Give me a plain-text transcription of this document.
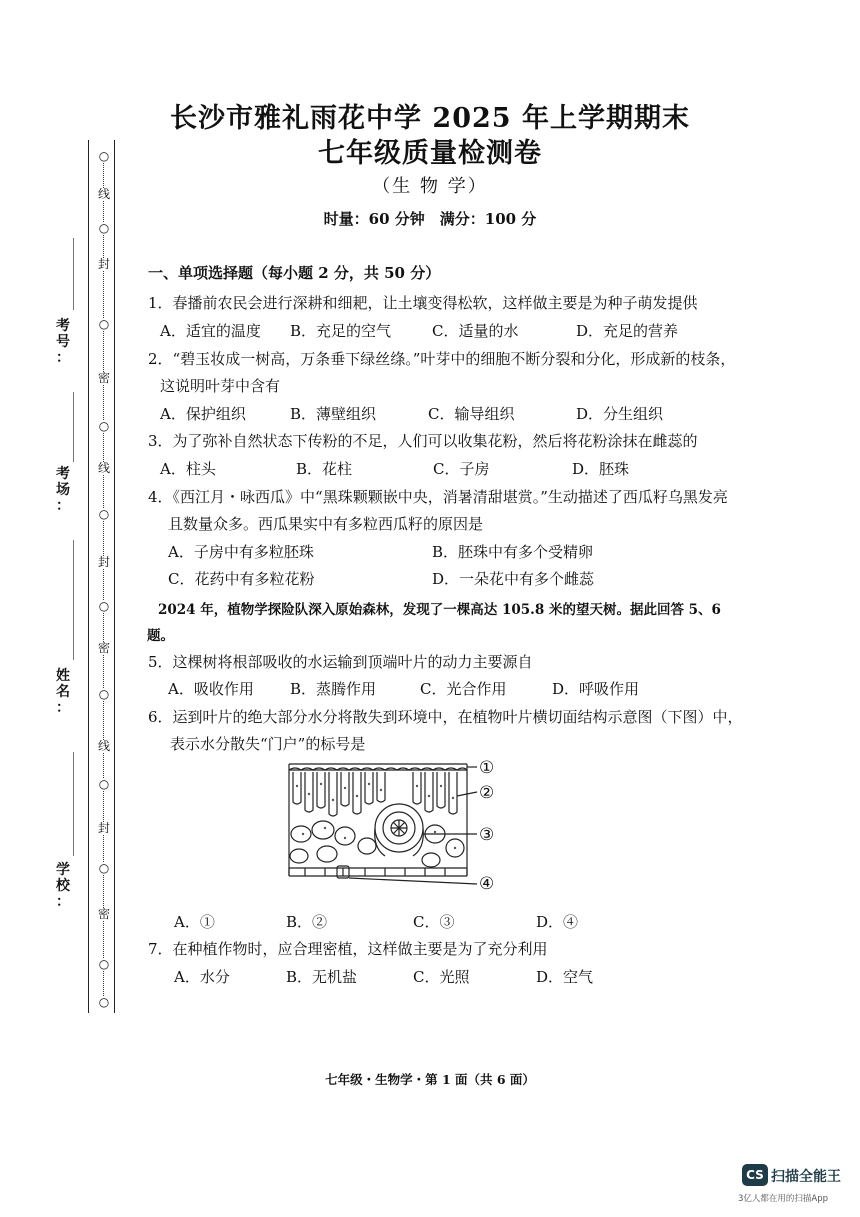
考
号
：
考
场
：
姓
名
：
学
校
：
线
封
密
线
封
密
线
封
密
○
○
○
○
○
○
○
○
○
○
○
长沙市雅礼雨花中学 2025 年上学期期末
七年级质量检测卷
（生 物 学）
时量：60 分钟　满分：100 分
一、单项选择题（每小题 2 分，共 50 分）
1．春播前农民会进行深耕和细耙，让土壤变得松软，这样做主要是为种子萌发提供
A．适宜的温度 B．充足的空气	C．适量的水	D．充足的营养
2．“碧玉妆成一树高，万条垂下绿丝绦。”叶芽中的细胞不断分裂和分化，形成新的枝条，
这说明叶芽中含有
A．保护组织	B．薄壁组织	C．输导组织	D．分生组织
3．为了弥补自然状态下传粉的不足，人们可以收集花粉，然后将花粉涂抹在雌蕊的
A．柱头	B．花柱	C．子房	D．胚珠
4．《西江月・咏西瓜》中“黑珠颗颗嵌中央，消暑清甜堪赏。”生动描述了西瓜籽乌黑发亮
且数量众多。西瓜果实中有多粒西瓜籽的原因是
A．子房中有多粒胚珠	B．胚珠中有多个受精卵
C．花药中有多粒花粉	D．一朵花中有多个雌蕊
2024 年，植物学探险队深入原始森林，发现了一棵高达 105.8 米的望天树。据此回答 5、6
题。
5．这棵树将根部吸收的水运输到顶端叶片的动力主要源自
A．吸收作用 B．蒸腾作用	C．光合作用	D．呼吸作用
6．运到叶片的绝大部分水分将散失到环境中，在植物叶片横切面结构示意图（下图）中，
表示水分散失“门户”的标号是
①
②
③
④
A．①	B．②	C．③	D．④
7．在种植作物时，应合理密植，这样做主要是为了充分利用
A．水分	B．无机盐	C．光照	D．空气
七年级・生物学・第 1 面（共 6 面）
CS 扫描全能王
3亿人都在用的扫描App
